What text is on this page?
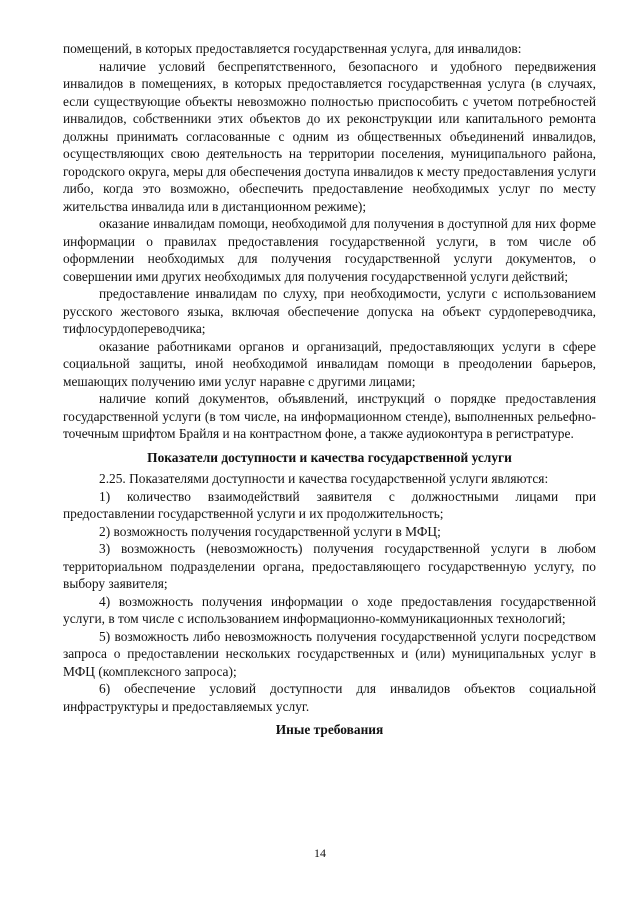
помещений, в которых предоставляется государственная услуга, для инвалидов:

наличие условий беспрепятственного, безопасного и удобного передвижения инвалидов в помещениях, в которых предоставляется государственная услуга (в случаях, если существующие объекты невозможно полностью приспособить с учетом потребностей инвалидов, собственники этих объектов до их реконструкции или капитального ремонта должны принимать согласованные с одним из общественных объединений инвалидов, осуществляющих свою деятельность на территории поселения, муниципального района, городского округа, меры для обеспечения доступа инвалидов к месту предоставления услуги либо, когда это возможно, обеспечить предоставление необходимых услуг по месту жительства инвалида или в дистанционном режиме);

оказание инвалидам помощи, необходимой для получения в доступной для них форме информации о правилах предоставления государственной услуги, в том числе об оформлении необходимых для получения государственной услуги документов, о совершении ими других необходимых для получения государственной услуги действий;

предоставление инвалидам по слуху, при необходимости, услуги с использованием русского жестового языка, включая обеспечение допуска на объект сурдопереводчика, тифлосурдопереводчика;

оказание работниками органов и организаций, предоставляющих услуги в сфере социальной защиты, иной необходимой инвалидам помощи в преодолении барьеров, мешающих получению ими услуг наравне с другими лицами;

наличие копий документов, объявлений, инструкций о порядке предоставления государственной услуги (в том числе, на информационном стенде), выполненных рельефно-точечным шрифтом Брайля и на контрастном фоне, а также аудиоконтура в регистратуре.

Показатели доступности и качества государственной услуги

2.25. Показателями доступности и качества государственной услуги являются:

1) количество взаимодействий заявителя с должностными лицами при предоставлении государственной услуги и их продолжительность;

2) возможность получения государственной услуги в МФЦ;

3) возможность (невозможность) получения государственной услуги в любом территориальном подразделении органа, предоставляющего государственную услугу, по выбору заявителя;

4) возможность получения информации о ходе предоставления государственной услуги, в том числе с использованием информационно-коммуникационных технологий;

5) возможность либо невозможность получения государственной услуги посредством запроса о предоставлении нескольких государственных и (или) муниципальных услуг в МФЦ (комплексного запроса);

6) обеспечение условий доступности для инвалидов объектов социальной инфраструктуры и предоставляемых услуг.

Иные требования
14
